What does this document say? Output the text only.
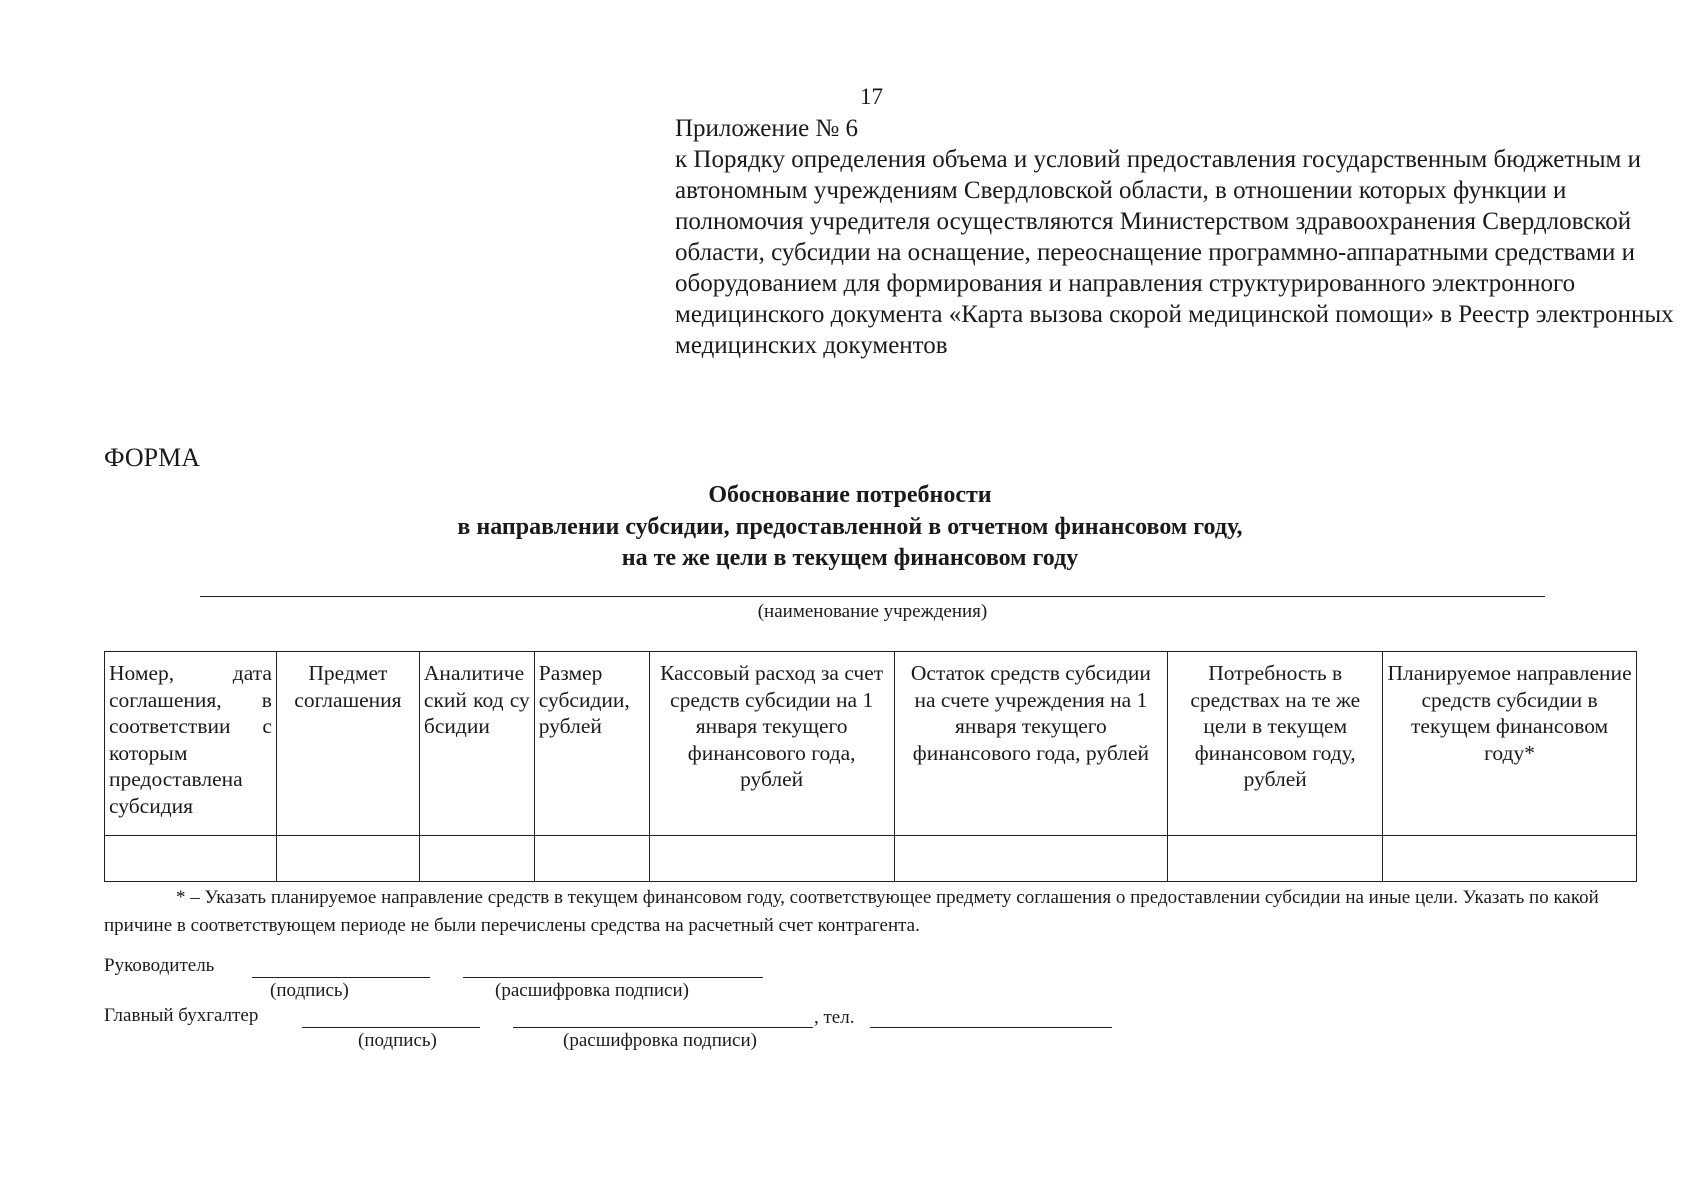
17
Приложение № 6
к Порядку определения объема и условий предоставления государственным бюджетным и автономным учреждениям Свердловской области, в отношении которых функции и полномочия учредителя осуществляются Министерством здравоохранения Свердловской области, субсидии на оснащение, переоснащение программно-аппаратными средствами и оборудованием для формирования и направления структурированного электронного медицинского документа «Карта вызова скорой медицинской помощи» в Реестр электронных медицинских документов
ФОРМА
Обоснование потребности
в направлении субсидии, предоставленной в отчетном финансовом году,
на те же цели в текущем финансовом году
(наименование учреждения)
Номер, дата соглашения, в соответствии с которым предоставлена субсидия	Предмет соглашения	Аналитический код субсидии	Размер субсидии, рублей	Кассовый расход за счет средств субсидии на 1 января текущего финансового года, рублей	Остаток средств субсидии на счете учреждения на 1 января текущего финансового года, рублей	Потребность в средствах на те же цели в текущем финансовом году, рублей	Планируемое направление средств субсидии в текущем финансовом году*

* – Указать планируемое направление средств в текущем финансовом году, соответствующее предмету соглашения о предоставлении субсидии на иные цели. Указать по какой причине в соответствующем периоде не были перечислены средства на расчетный счет контрагента.
Руководитель
(подпись)	(расшифровка подписи)
Главный бухгалтер	, тел.
(подпись)	(расшифровка подписи)
